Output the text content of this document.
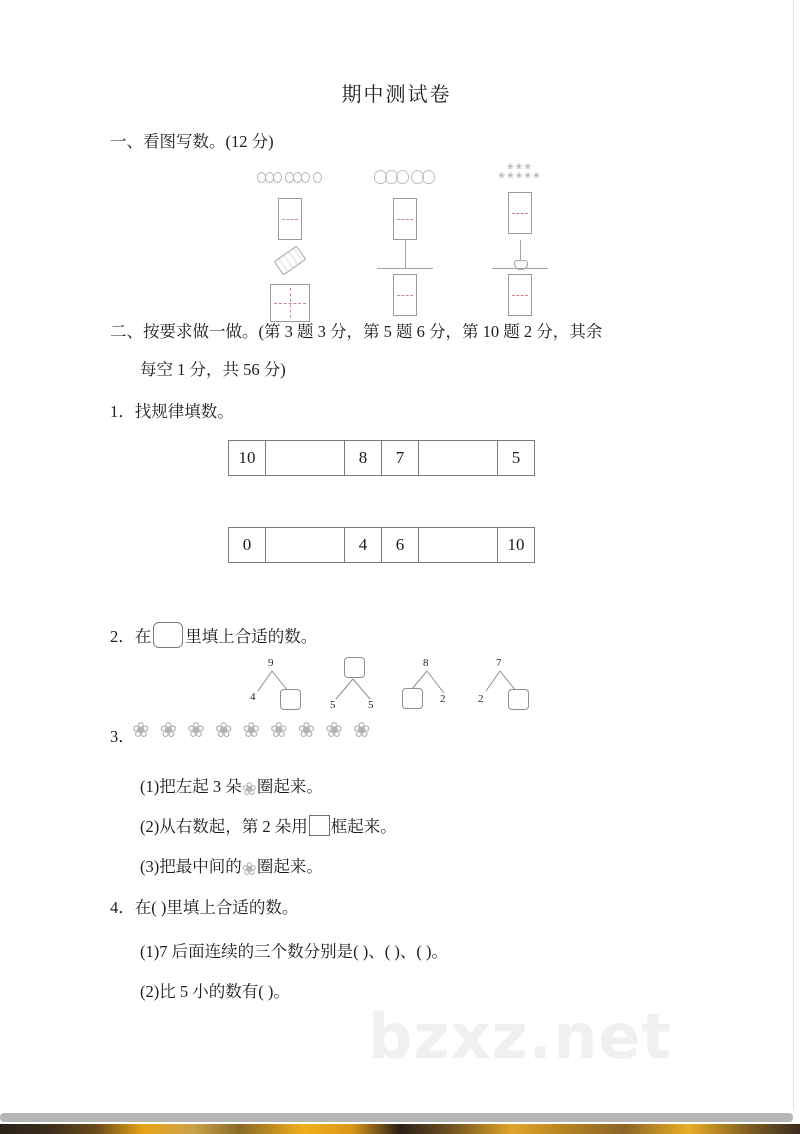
bzxz.net
期中测试卷
一、看图写数。(12 分)

❀❀❀
❀❀❀❀❀
二、按要求做一做。(第 3 题 3 分，第 5 题 6 分，第 10 题 2 分，其余
每空 1 分，共 56 分)
1．找规律填数。
10		8	7		5
0		4	6		10
2．在 里填上合适的数。
9
4
5	5
8
2
7
2
3．
❀ ❀ ❀ ❀ ❀ ❀ ❀ ❀ ❀
(1)把左起 3 朵❀圈起来。
(2)从右数起，第 2 朵用 框起来。
(3)把最中间的❀圈起来。
4．在( )里填上合适的数。
(1)7 后面连续的三个数分别是( )、( )、( )。
(2)比 5 小的数有( )。
